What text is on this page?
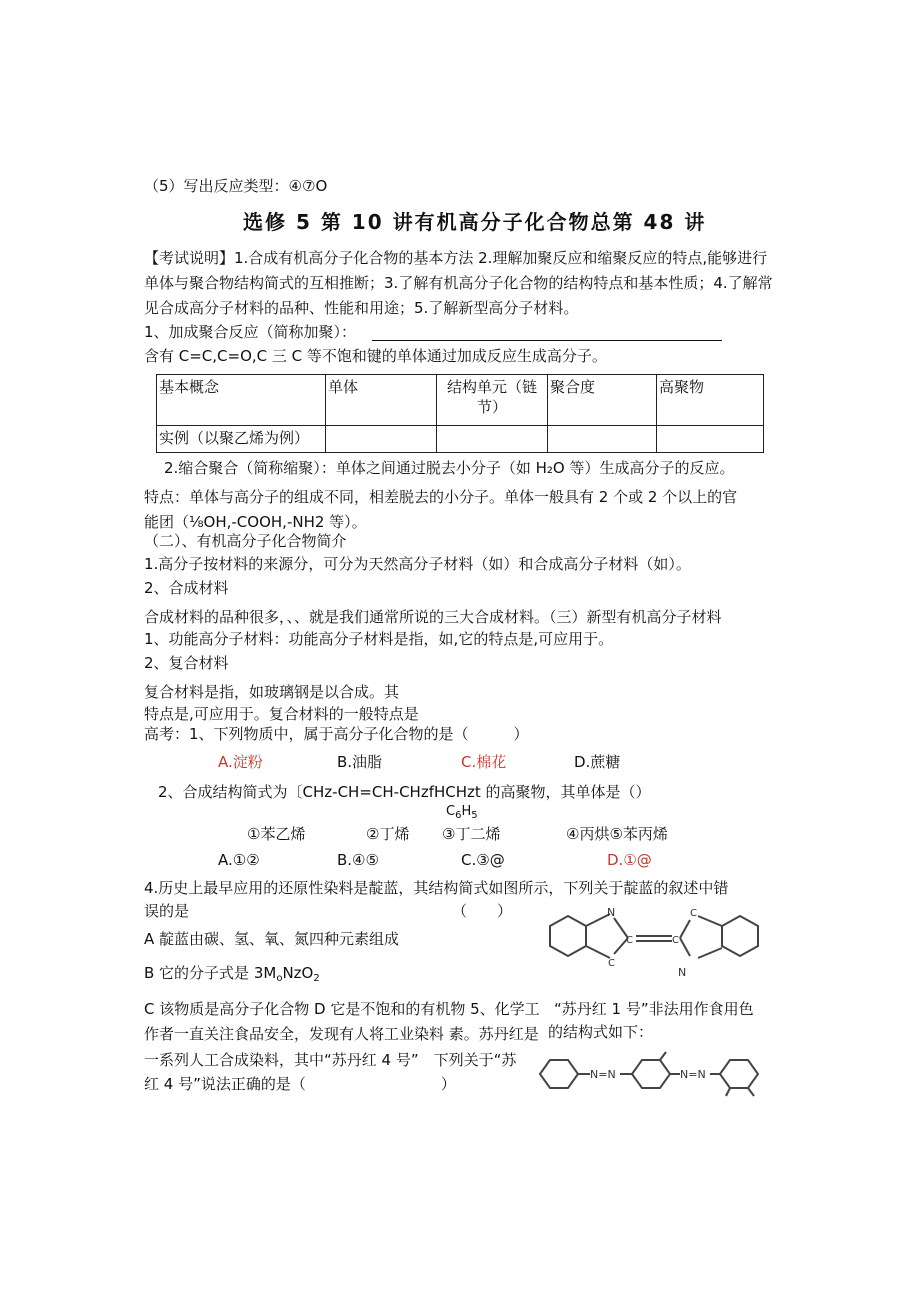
（5）写出反应类型：④⑦O
选修 5 第 10 讲有机高分子化合物总第 48 讲
【考试说明】1.合成有机高分子化合物的基本方法 2.理解加聚反应和缩聚反应的特点,能够进行
单体与聚合物结构简式的互相推断；3.了解有机高分子化合物的结构特点和基本性质；4.了解常
见合成高分子材料的品种、性能和用途；5.了解新型高分子材料。
1、加成聚合反应（简称加聚）：
含有 C=C,C=O,C 三 C 等不饱和键的单体通过加成反应生成高分子。
基本概念	单体	结构单元（链节）	聚合度	高聚物
实例（以聚乙烯为例）				
2.缩合聚合（简称缩聚）：单体之间通过脱去小分子（如 H₂O 等）生成高分子的反应。
特点：单体与高分子的组成不同，相差脱去的小分子。单体一般具有 2 个或 2 个以上的官
能团（⅛OH,-COOH,-NH2 等）。
（二）、有机高分子化合物简介
1.高分子按材料的来源分，可分为天然高分子材料（如）和合成高分子材料（如）。
2、合成材料
合成材料的品种很多，、、就是我们通常所说的三大合成材料。（三）新型有机高分子材料
1、功能高分子材料：功能高分子材料是指，如,它的特点是,可应用于。
2、复合材料
复合材料是指，如玻璃钢是以合成。其
特点是,可应用于。复合材料的一般特点是
高考：1、下列物质中，属于高分子化合物的是（　　　）
A.淀粉	B.油脂	C.棉花	D.蔗糖
2、合成结构简式为〔CHz-CH=CH-CHzfHCHzt 的高聚物，其单体是（）
$C_6H_5$
①苯乙烯	②丁烯 ③丁二烯	④丙烘⑤苯丙烯
A.①②	B.④⑤	C.③@	D.①@
4.历史上最早应用的还原性染料是靛蓝，其结构简式如图所示，下列关于靛蓝的叙述中错
误的是	（　　）
A 靛蓝由碳、氢、氧、氮四种元素组成
B 它的分子式是 $3M_oNzO_2$
N
C	C
C
C
N
C 该物质是高分子化合物 D 它是不饱和的有机物 5、化学工 “苏丹红 1 号”非法用作食用色
作者一直关注食品安全，发现有人将工业染料 素。苏丹红是 的结构式如下：
一系列人工合成染料，其中“苏丹红 4 号”　下列关于“苏
红 4 号”说法正确的是（　　　　　　　　　）
N=N	N=N
